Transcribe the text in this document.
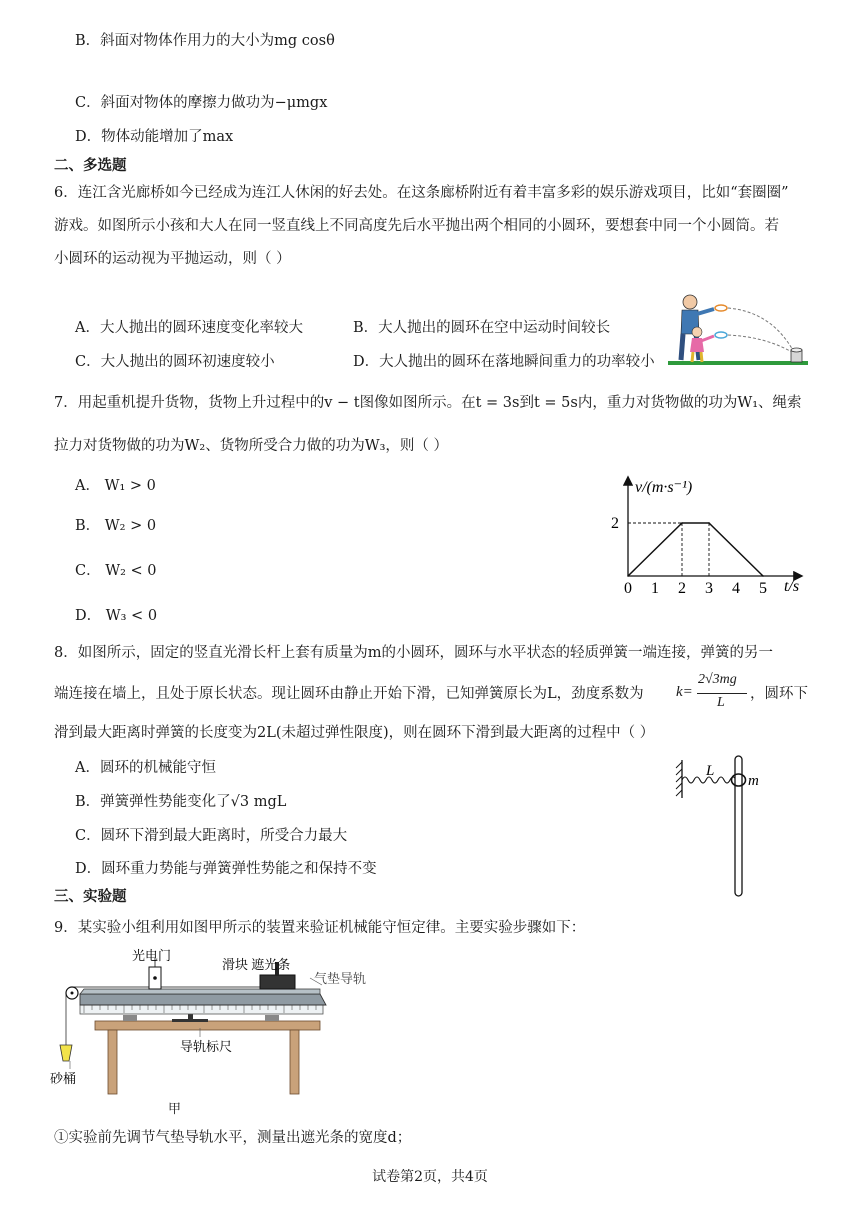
B．斜面对物体作用力的大小为mg cosθ
C．斜面对物体的摩擦力做功为−μmgx
D．物体动能增加了max
二、多选题
6．连江含光廊桥如今已经成为连江人休闲的好去处。在这条廊桥附近有着丰富多彩的娱乐游戏项目，比如“套圈圈”
游戏。如图所示小孩和大人在同一竖直线上不同高度先后水平抛出两个相同的小圆环，要想套中同一个小圆筒。若
小圆环的运动视为平抛运动，则（ ）
A．大人抛出的圆环速度变化率较大	B．大人抛出的圆环在空中运动时间较长
C．大人抛出的圆环初速度较小	D．大人抛出的圆环在落地瞬间重力的功率较小
7．用起重机提升货物，货物上升过程中的v − t图像如图所示。在t = 3s到t = 5s内，重力对货物做的功为W₁、绳索
拉力对货物做的功为W₂、货物所受合力做的功为W₃，则（ ）
A． W₁ > 0
B． W₂ > 0
C． W₂ < 0
D． W₃ < 0
v/(m·s⁻¹)
t/s
0 1 2 3 4 5
2
8．如图所示，固定的竖直光滑长杆上套有质量为m的小圆环，圆环与水平状态的轻质弹簧一端连接，弹簧的另一
端连接在墙上，且处于原长状态。现让圆环由静止开始下滑，已知弹簧原长为L，劲度系数为 k=
2√3mg
L
，圆环下
滑到最大距离时弹簧的长度变为2L(未超过弹性限度)，则在圆环下滑到最大距离的过程中（ ）
A．圆环的机械能守恒
B．弹簧弹性势能变化了√3 mgL
C．圆环下滑到最大距离时，所受合力最大
D．圆环重力势能与弹簧弹性势能之和保持不变
L
m
三、实验题
9．某实验小组利用如图甲所示的装置来验证机械能守恒定律。主要实验步骤如下：
光电门
滑块 遮光条
气垫导轨
导轨标尺
砂桶
甲
①实验前先调节气垫导轨水平，测量出遮光条的宽度d；
试卷第2页，共4页
